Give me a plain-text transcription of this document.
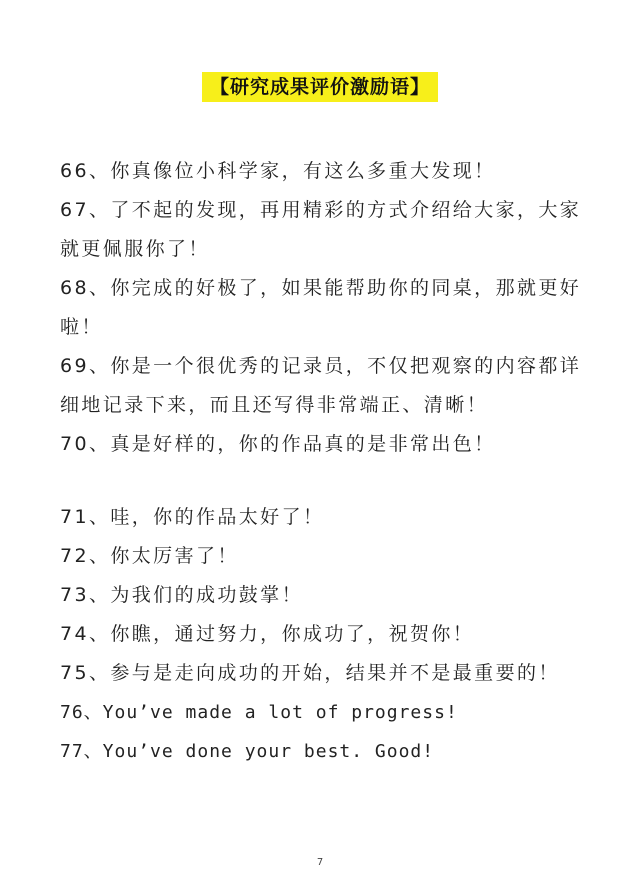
【研究成果评价激励语】

66、你真像位小科学家，有这么多重大发现！

67、了不起的发现，再用精彩的方式介绍给大家，大家就更佩服你了！

68、你完成的好极了，如果能帮助你的同桌，那就更好啦！

69、你是一个很优秀的记录员，不仅把观察的内容都详细地记录下来，而且还写得非常端正、清晰！

70、真是好样的，你的作品真的是非常出色！

71、哇，你的作品太好了！

72、你太厉害了！

73、为我们的成功鼓掌！

74、你瞧，通过努力，你成功了，祝贺你！

75、参与是走向成功的开始，结果并不是最重要的！

76、You’ve made a lot of progress!

77、You’ve done your best. Good!

7
